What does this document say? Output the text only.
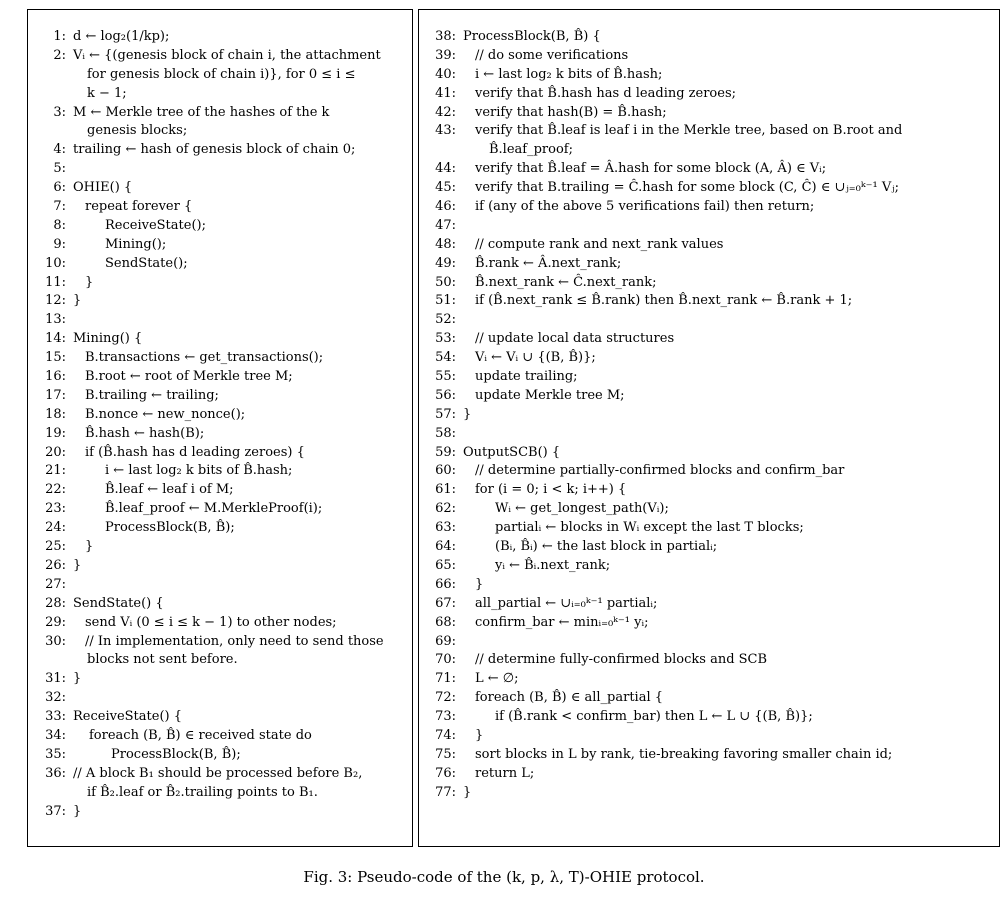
1: d ← log₂(1/kp);
2: Vᵢ ← {(genesis block of chain i, the attachment
for genesis block of chain i)}, for 0 ≤ i ≤
k − 1;
3: M ← Merkle tree of the hashes of the k
genesis blocks;
4: trailing ← hash of genesis block of chain 0;
5:
6: OHIE() {
7:	repeat forever {
8:	ReceiveState();
9:	Mining();
10:	SendState();
11:	}
12: }
13:
14: Mining() {
15:	B.transactions ← get_transactions();
16:	B.root ← root of Merkle tree M;
17:	B.trailing ← trailing;
18:	B.nonce ← new_nonce();
19:	B̂.hash ← hash(B);
20:	if (B̂.hash has d leading zeroes) {
21:	i ← last log₂ k bits of B̂.hash;
22:	B̂.leaf ← leaf i of M;
23:	B̂.leaf_proof ← M.MerkleProof(i);
24:	ProcessBlock(B, B̂);
25:	}
26: }
27:
28: SendState() {
29:	send Vᵢ (0 ≤ i ≤ k − 1) to other nodes;
30:	// In implementation, only need to send those
blocks not sent before.
31: }
32:
33: ReceiveState() {
34:	foreach (B, B̂) ∈ received state do
35:	ProcessBlock(B, B̂);
36: // A block B₁ should be processed before B₂,
if B̂₂.leaf or B̂₂.trailing points to B₁.
37: }
38: ProcessBlock(B, B̂) {
39:	// do some verifications
40:	i ← last log₂ k bits of B̂.hash;
41:	verify that B̂.hash has d leading zeroes;
42:	verify that hash(B) = B̂.hash;
43:	verify that B̂.leaf is leaf i in the Merkle tree, based on B.root and
B̂.leaf_proof;
44:	verify that B̂.leaf = Â.hash for some block (A, Â) ∈ Vᵢ;
45:	verify that B.trailing = Ĉ.hash for some block (C, Ĉ) ∈ ∪ⱼ₌₀ᵏ⁻¹ Vⱼ;
46:	if (any of the above 5 verifications fail) then return;
47:
48:	// compute rank and next_rank values
49:	B̂.rank ← Â.next_rank;
50:	B̂.next_rank ← Ĉ.next_rank;
51:	if (B̂.next_rank ≤ B̂.rank) then B̂.next_rank ← B̂.rank + 1;
52:
53:	// update local data structures
54:	Vᵢ ← Vᵢ ∪ {(B, B̂)};
55:	update trailing;
56:	update Merkle tree M;
57: }
58:
59: OutputSCB() {
60:	// determine partially-confirmed blocks and confirm_bar
61:	for (i = 0; i < k; i++) {
62:	Wᵢ ← get_longest_path(Vᵢ);
63:	partialᵢ ← blocks in Wᵢ except the last T blocks;
64:	(Bᵢ, B̂ᵢ) ← the last block in partialᵢ;
65:	yᵢ ← B̂ᵢ.next_rank;
66:	}
67:	all_partial ← ∪ᵢ₌₀ᵏ⁻¹ partialᵢ;
68:	confirm_bar ← minᵢ₌₀ᵏ⁻¹ yᵢ;
69:
70:	// determine fully-confirmed blocks and SCB
71:	L ← ∅;
72:	foreach (B, B̂) ∈ all_partial {
73:	if (B̂.rank < confirm_bar) then L ← L ∪ {(B, B̂)};
74:	}
75:	sort blocks in L by rank, tie-breaking favoring smaller chain id;
76:	return L;
77: }
Fig. 3: Pseudo-code of the (k, p, λ, T)-OHIE protocol.
